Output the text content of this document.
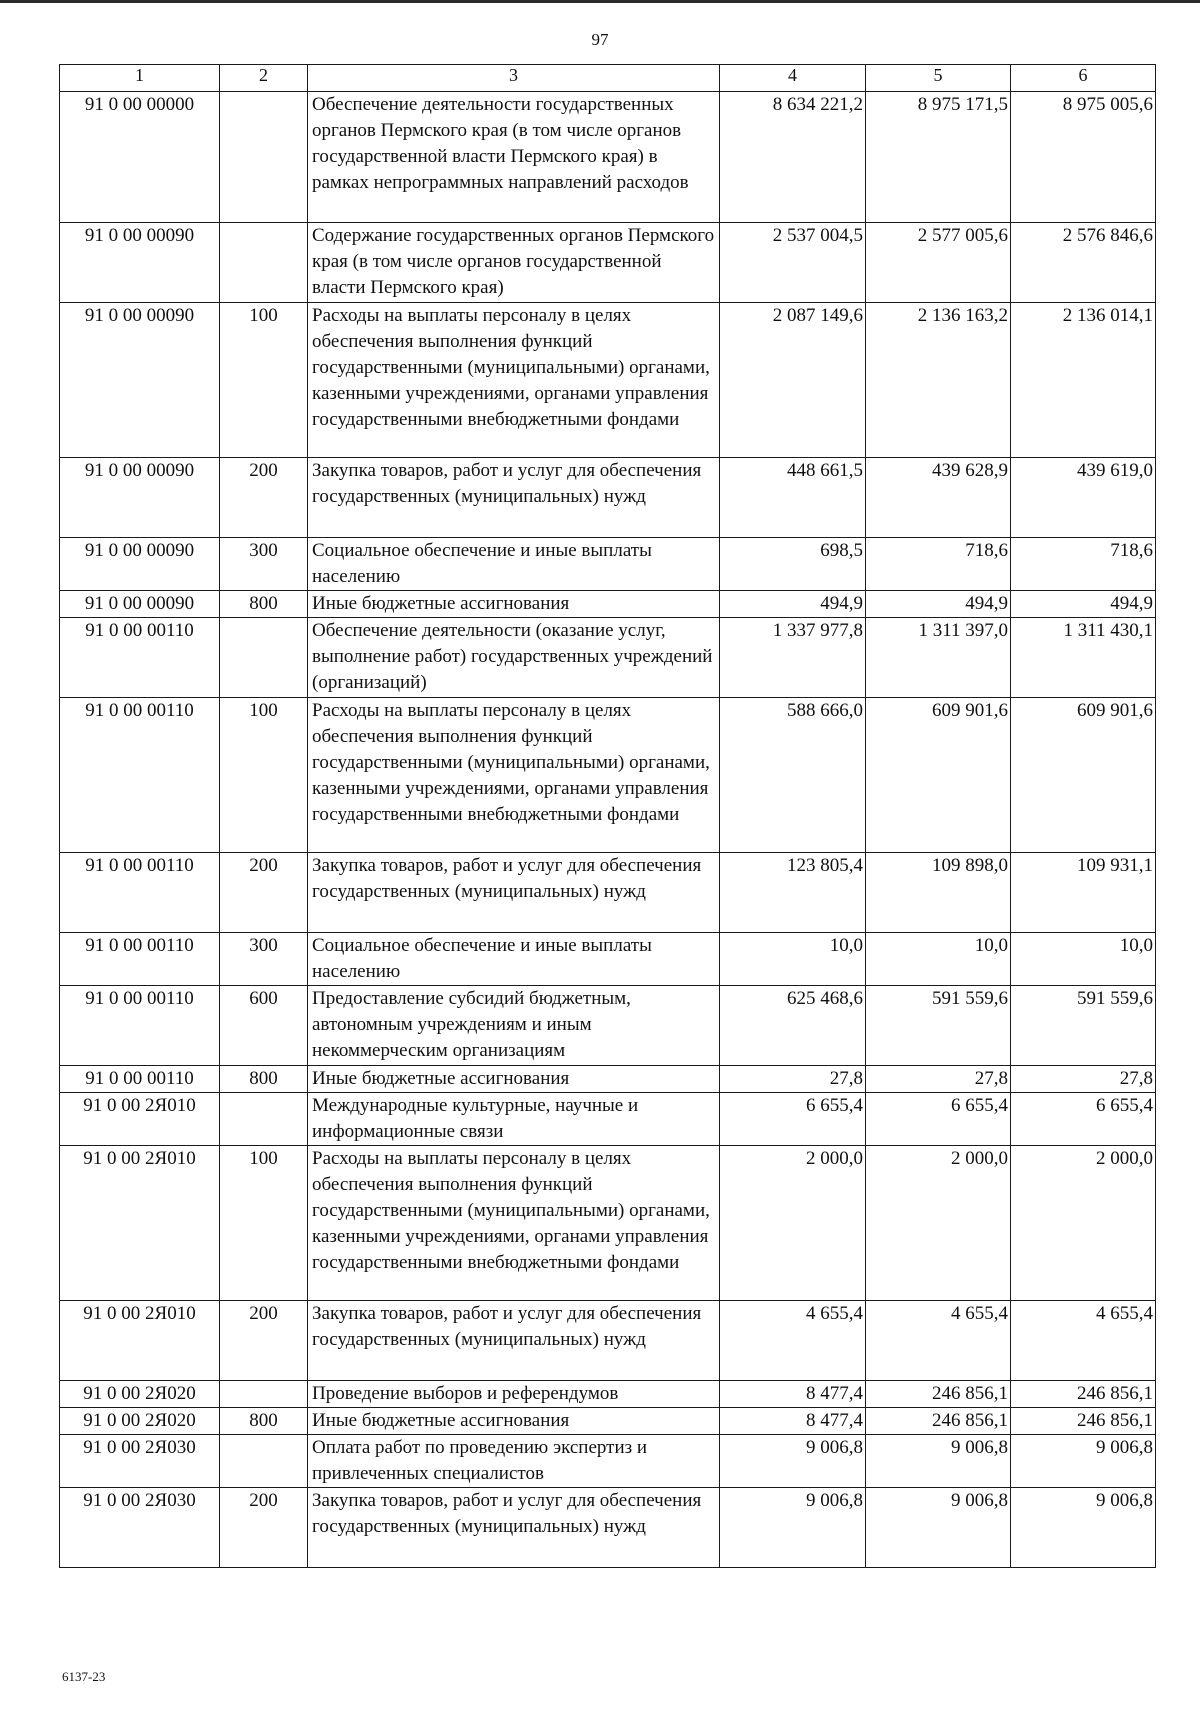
97
1	2	3	4	5	6
91 0 00 00000		Обеспечение деятельности государственных органов Пермского края (в том числе органов государственной власти Пермского края) в рамках непрограммных направлений расходов	8 634 221,2	8 975 171,5	8 975 005,6
91 0 00 00090		Содержание государственных органов Пермского края (в том числе органов государственной власти Пермского края)	2 537 004,5	2 577 005,6	2 576 846,6
91 0 00 00090	100	Расходы на выплаты персоналу в целях обеспечения выполнения функций государственными (муниципальными) органами, казенными учреждениями, органами управления государственными внебюджетными фондами	2 087 149,6	2 136 163,2	2 136 014,1
91 0 00 00090	200	Закупка товаров, работ и услуг для обеспечения государственных (муниципальных) нужд	448 661,5	439 628,9	439 619,0
91 0 00 00090	300	Социальное обеспечение и иные выплаты населению	698,5	718,6	718,6
91 0 00 00090	800	Иные бюджетные ассигнования	494,9	494,9	494,9
91 0 00 00110		Обеспечение деятельности (оказание услуг, выполнение работ) государственных учреждений (организаций)	1 337 977,8	1 311 397,0	1 311 430,1
91 0 00 00110	100	Расходы на выплаты персоналу в целях обеспечения выполнения функций государственными (муниципальными) органами, казенными учреждениями, органами управления государственными внебюджетными фондами	588 666,0	609 901,6	609 901,6
91 0 00 00110	200	Закупка товаров, работ и услуг для обеспечения государственных (муниципальных) нужд	123 805,4	109 898,0	109 931,1
91 0 00 00110	300	Социальное обеспечение и иные выплаты населению	10,0	10,0	10,0
91 0 00 00110	600	Предоставление субсидий бюджетным, автономным учреждениям и иным некоммерческим организациям	625 468,6	591 559,6	591 559,6
91 0 00 00110	800	Иные бюджетные ассигнования	27,8	27,8	27,8
91 0 00 2Я010		Международные культурные, научные и информационные связи	6 655,4	6 655,4	6 655,4
91 0 00 2Я010	100	Расходы на выплаты персоналу в целях обеспечения выполнения функций государственными (муниципальными) органами, казенными учреждениями, органами управления государственными внебюджетными фондами	2 000,0	2 000,0	2 000,0
91 0 00 2Я010	200	Закупка товаров, работ и услуг для обеспечения государственных (муниципальных) нужд	4 655,4	4 655,4	4 655,4
91 0 00 2Я020		Проведение выборов и референдумов	8 477,4	246 856,1	246 856,1
91 0 00 2Я020	800	Иные бюджетные ассигнования	8 477,4	246 856,1	246 856,1
91 0 00 2Я030		Оплата работ по проведению экспертиз и привлеченных специалистов	9 006,8	9 006,8	9 006,8
91 0 00 2Я030	200	Закупка товаров, работ и услуг для обеспечения государственных (муниципальных) нужд	9 006,8	9 006,8	9 006,8
6137-23
